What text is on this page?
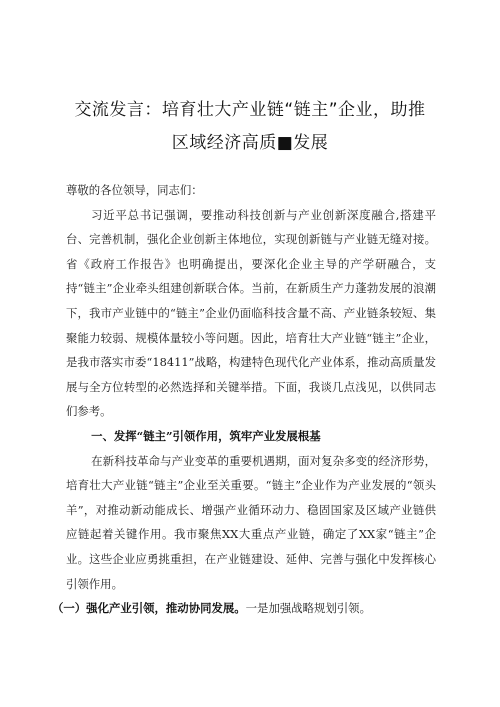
交流发言：培育壮大产业链“链主”企业，助推
区域经济高质■发展

尊敬的各位领导，同志们：

习近平总书记强调，要推动科技创新与产业创新深度融合,搭建平台、完善机制，强化企业创新主体地位，实现创新链与产业链无缝对接。省《政府工作报告》也明确提出，要深化企业主导的产学研融合，支持“链主”企业牵头组建创新联合体。当前，在新质生产力蓬勃发展的浪潮下，我市产业链中的“链主”企业仍面临科技含量不高、产业链条较短、集聚能力较弱、规模体量较小等问题。因此，培育壮大产业链“链主”企业，是我市落实市委“18411”战略，构建特色现代化产业体系，推动高质量发展与全方位转型的必然选择和关键举措。下面，我谈几点浅见，以供同志们参考。

一、发挥“链主”引领作用，筑牢产业发展根基

在新科技革命与产业变革的重要机遇期，面对复杂多变的经济形势，培育壮大产业链“链主”企业至关重要。“链主”企业作为产业发展的“领头羊”，对推动新动能成长、增强产业循环动力、稳固国家及区域产业链供应链起着关键作用。我市聚焦XX大重点产业链，确定了XX家“链主”企业。这些企业应勇挑重担，在产业链建设、延伸、完善与强化中发挥核心引领作用。

（一）强化产业引领，推动协同发展。一是加强战略规划引领。
